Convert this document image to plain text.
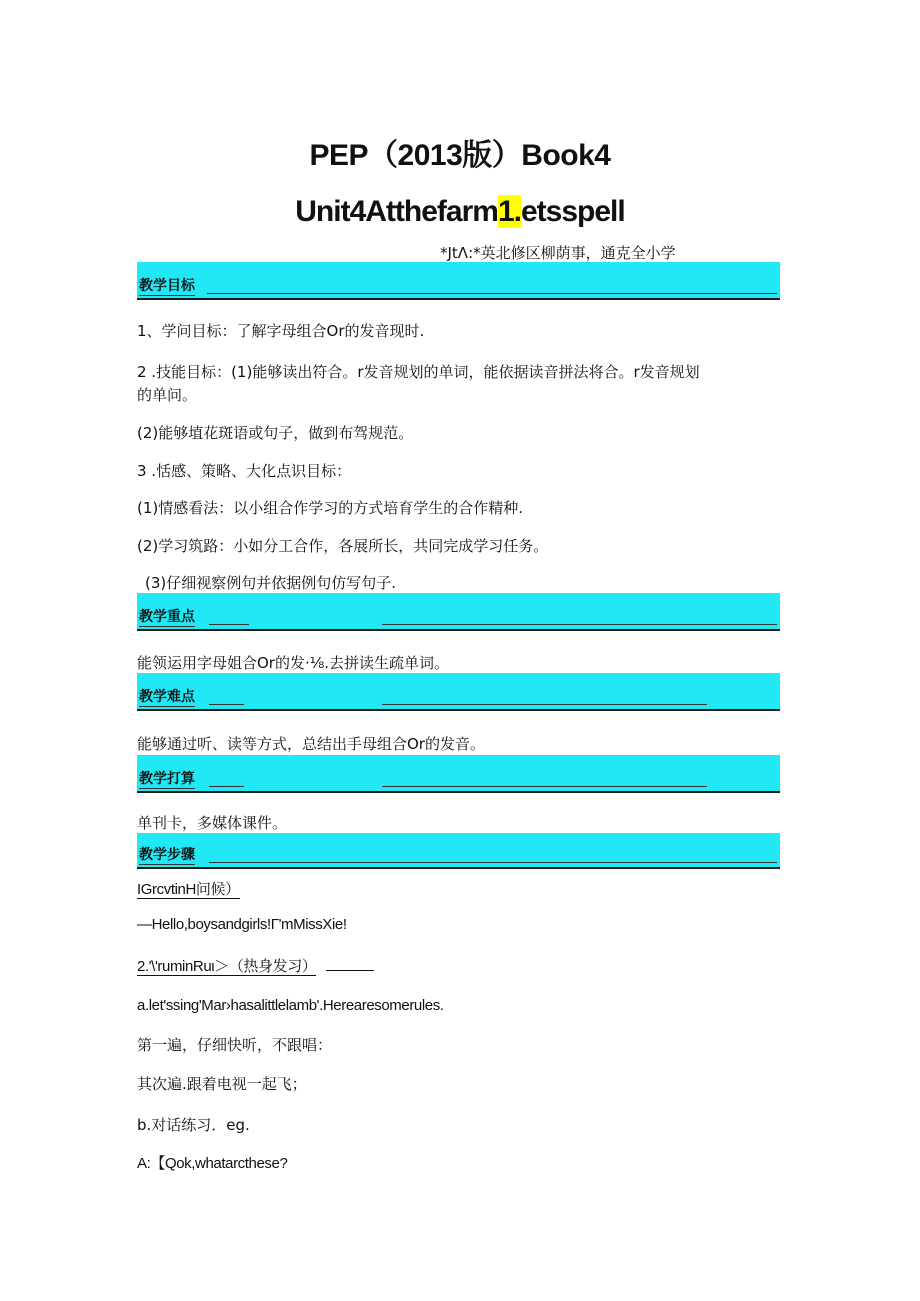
PEP（2013版）Book4
Unit4Atthefarm1.etsspell
*JtΛ:*英北修区柳荫事，通克全小学
教学目标
1、学问目标：了解字母组合Or的发音现时.
2 .技能目标：(1)能够读出符合。r发音规划的单词，能依据读音拼法将合。r发音规划
的单问。
(2)能够埴花斑语或句子，做到布驾规范。
3 .恬感、策略、大化点识目标：
(1)情感看法：以小组合作学习的方式培育学生的合作精种.
(2)学习筑路：小如分工合作，各展所长，共同完成学习任务。
(3)仔细视察例句并依据例句仿写句子.
教学重点
能领运用字母姐合Or的发·⅛.去拼读生疏单词。
教学难点
能够通过听、读等方式，总结出手母组合Or的发音。
教学打算
单刊卡，多媒体课件。
教学步骤
IGrcvtinH问候）
—Hello,boysandgirls!Γ'mMissXie!
2.'\'ruminRuι＞（热身发习）
a.let'ssing'Mar›hasalittlelamb'.Herearesomerules.
第一遍，仔细快听，不跟唱：
其次遍.跟着电视一起飞；
b.对话练习．eg.
A:【Qok,whatarcthese?
